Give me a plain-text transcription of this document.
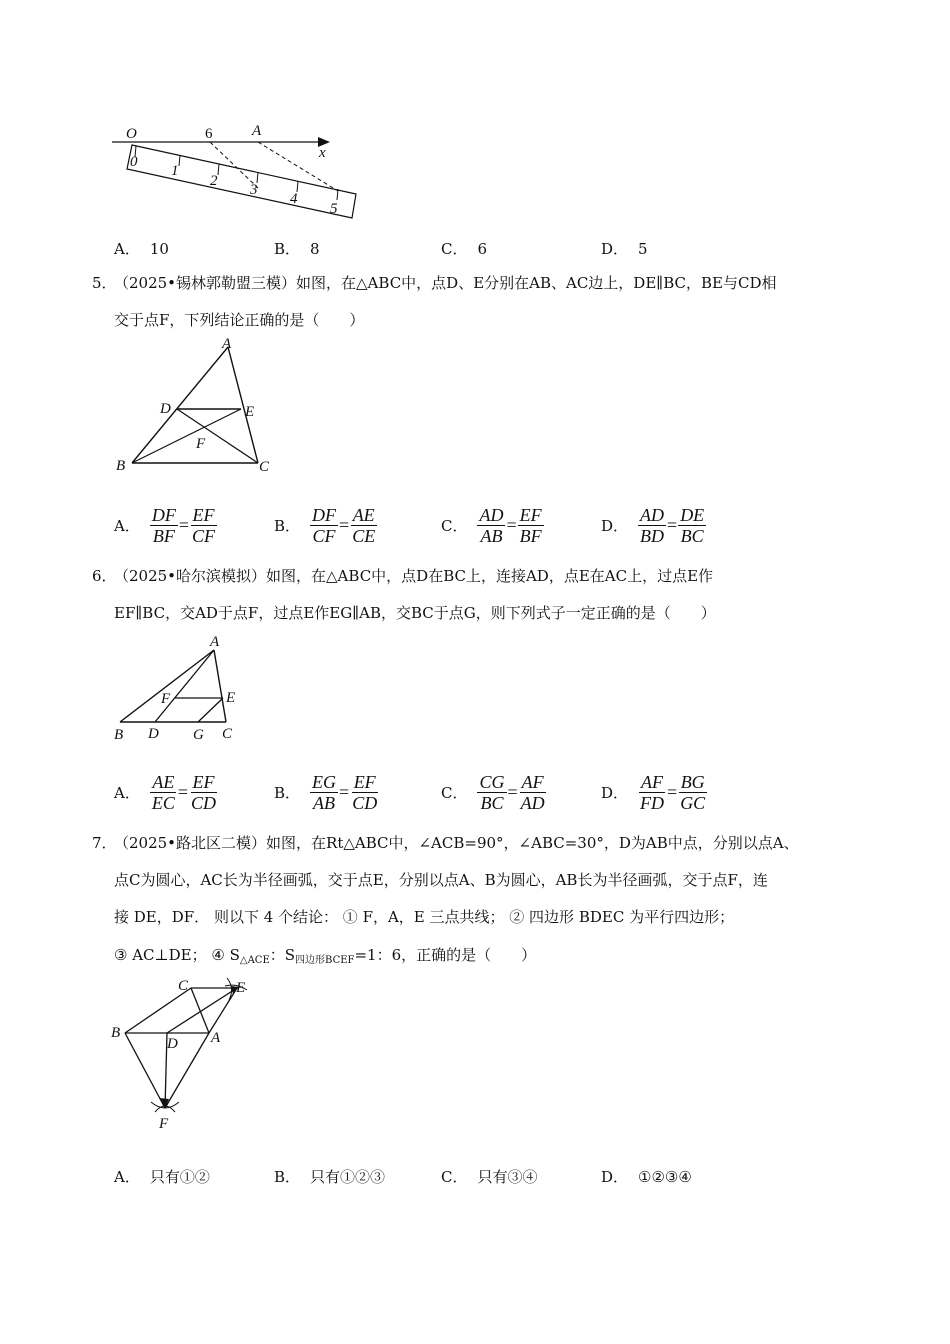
O	6	A
x
0
1
2
3
4
5
A． 10	B． 8	C． 6	D． 5
5．
（2025•锡林郭勒盟三模）如图，在△ABC中，点D、E分别在AB、AC边上，DE∥BC，BE与CD相
交于点F，下列结论正确的是（　　）
A
D	E
F
B	C
A． $\frac{DF}{BF} = \frac{EF}{CF}$	B． $\frac{DF}{CF} = \frac{AE}{CE}$	C． $\frac{AD}{AB} = \frac{EF}{BF}$	D． $\frac{AD}{BD} = \frac{DE}{BC}$
6．
（2025•哈尔滨模拟）如图，在△ABC中，点D在BC上，连接AD，点E在AC上，过点E作
EF∥BC，交AD于点F，过点E作EG∥AB，交BC于点G，则下列式子一定正确的是（　　）
A
F	E
B D G C
A． $\frac{AE}{EC} = \frac{EF}{CD}$	B． $\frac{EG}{AB} = \frac{EF}{CD}$	C． $\frac{CG}{BC} = \frac{AF}{AD}$	D． $\frac{AF}{FD} = \frac{BG}{GC}$
7．
（2025•路北区二模）如图，在Rt△ABC中，∠ACB=90°，∠ABC=30°，D为AB中点，分别以点A、
点C为圆心，AC长为半径画弧，交于点E，分别以点A、B为圆心，AB长为半径画弧，交于点F，连
接 DE，DF． 则以下 4 个结论： ① F，A，E 三点共线； ② 四边形 BDEC 为平行四边形；
③ AC⊥DE； ④ $S_{\triangle ACE}$：$S_{四边形BCEF}=1$：6，正确的是（　　）
C	E
B
D A
F
A． 只有①②	B． 只有①②③	C． 只有③④	D． ①②③④
